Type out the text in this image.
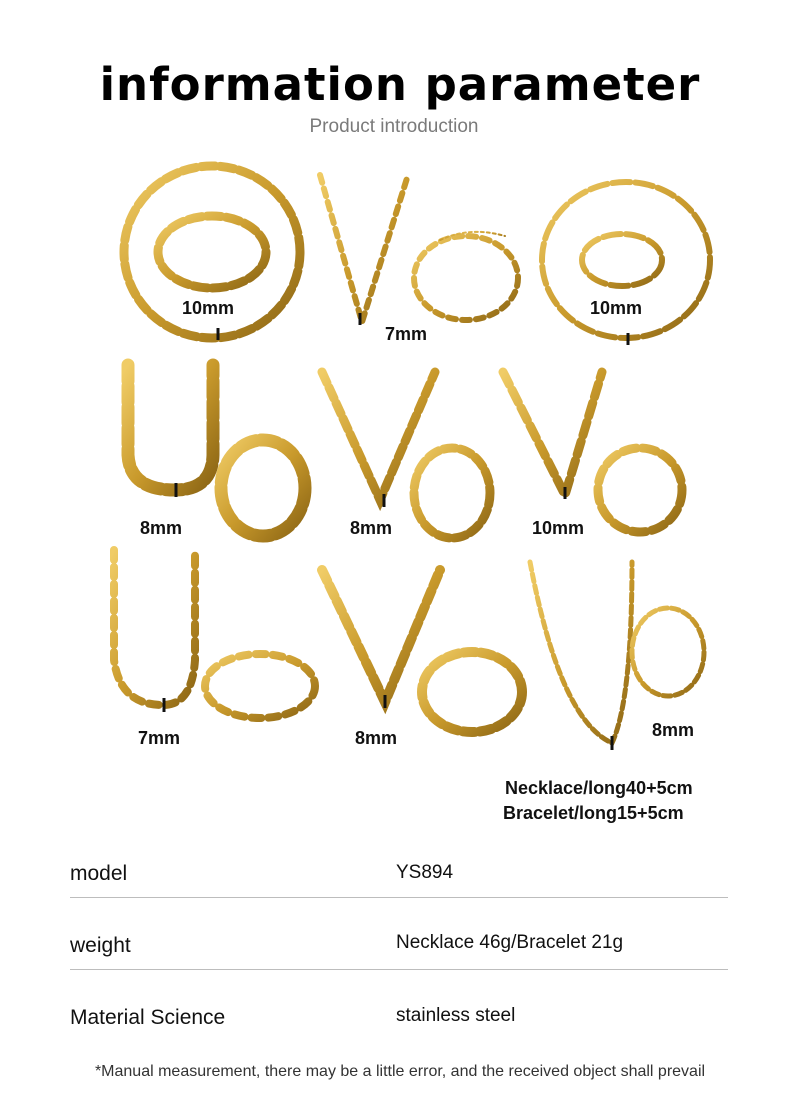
information parameter
Product introduction
10mm
7mm
10mm
8mm	8mm	10mm
7mm	8mm	8mm
Necklace/long40+5cm
Bracelet/long15+5cm
model	YS894
weight	Necklace 46g/Bracelet 21g
Material Science	stainless steel
*Manual measurement, there may be a little error, and the received object shall prevail
